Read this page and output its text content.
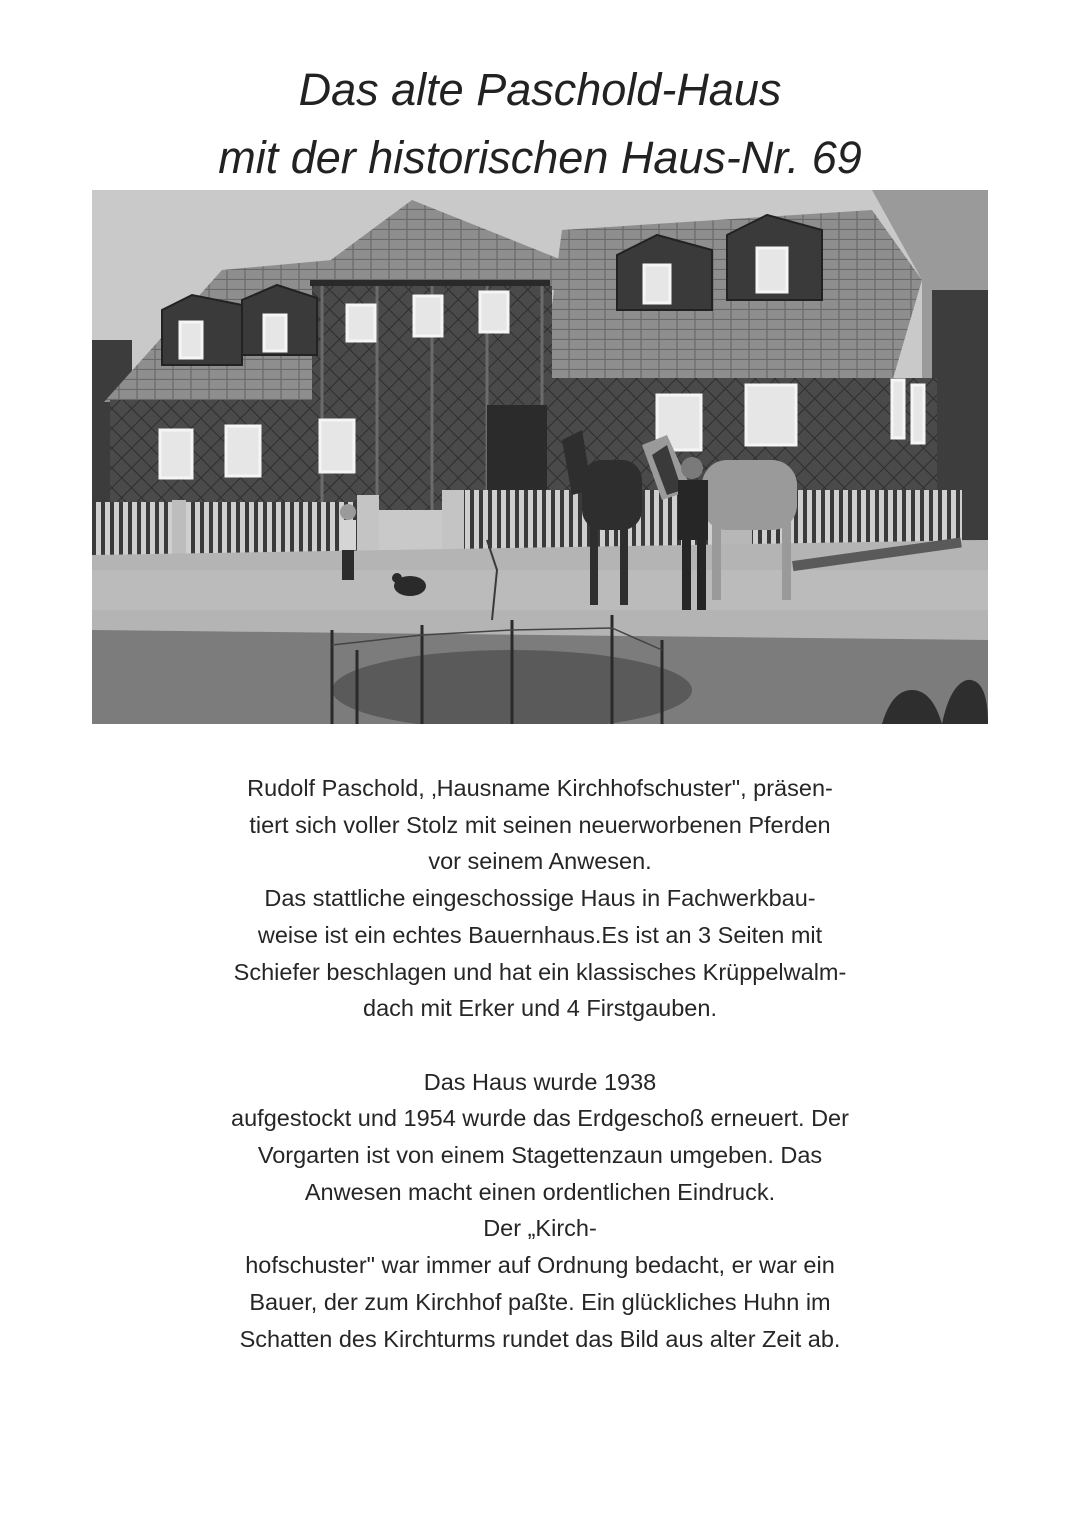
Das alte Paschold-Haus
mit der historischen Haus-Nr. 69
Rudolf Paschold, ‚Hausname Kirchhofschuster", präsen-
tiert sich voller Stolz mit seinen neuerworbenen Pferden
vor seinem Anwesen.
Das stattliche eingeschossige Haus in Fachwerkbau-
weise ist ein echtes Bauernhaus.Es ist an 3 Seiten mit
Schiefer beschlagen und hat ein klassisches Krüppelwalm-
dach mit Erker und 4 Firstgauben.
Das Haus wurde 1938
aufgestockt und 1954 wurde das Erdgeschoß erneuert. Der
Vorgarten ist von einem Stagettenzaun umgeben. Das
Anwesen macht einen ordentlichen Eindruck.
Der „Kirch-
hofschuster" war immer auf Ordnung bedacht, er war ein
Bauer, der zum Kirchhof paßte. Ein glückliches Huhn im
Schatten des Kirchturms rundet das Bild aus alter Zeit ab.
